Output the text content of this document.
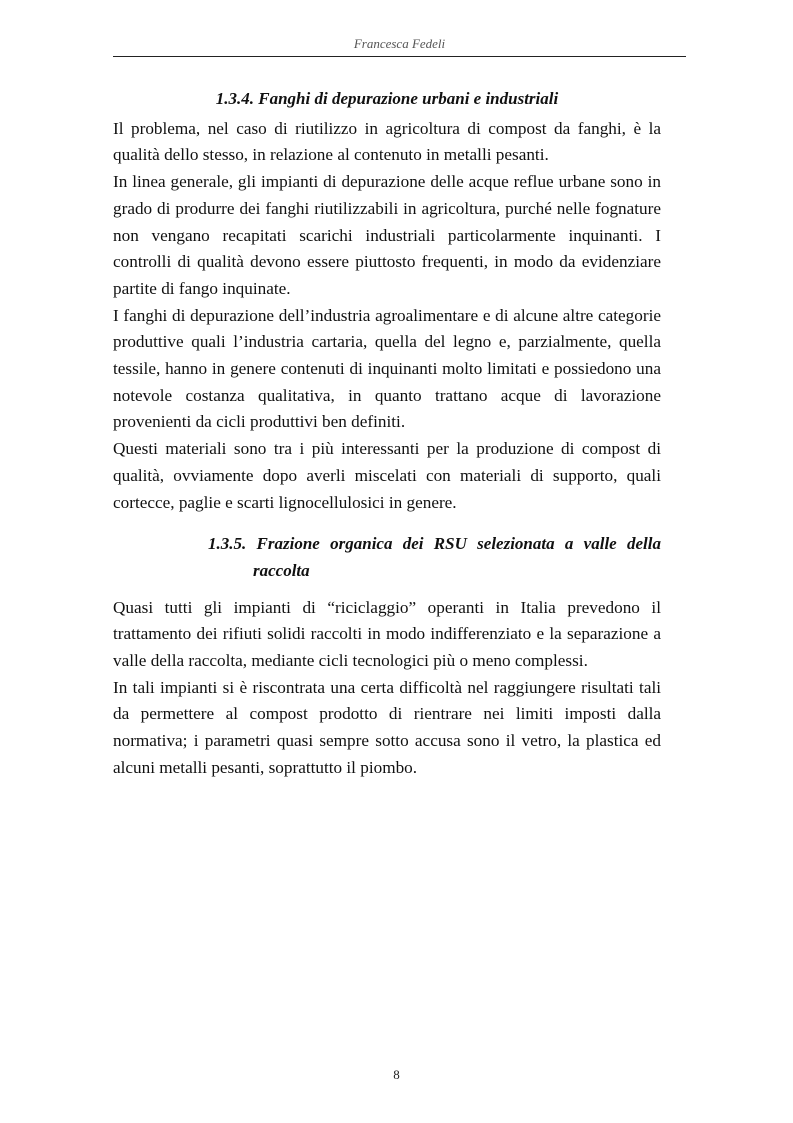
Francesca Fedeli
1.3.4. Fanghi di depurazione urbani e industriali

Il problema, nel caso di riutilizzo in agricoltura di compost da fanghi, è la qualità dello stesso, in relazione al contenuto in metalli pesanti.

In linea generale, gli impianti di depurazione delle acque reflue urbane sono in grado di produrre dei fanghi riutilizzabili in agricoltura, purché nelle fognature non vengano recapitati scarichi industriali particolarmente inquinanti. I controlli di qualità devono essere piuttosto frequenti, in modo da evidenziare partite di fango inquinate.

I fanghi di depurazione dell’industria agroalimentare e di alcune altre categorie produttive quali l’industria cartaria, quella del legno e, parzialmente, quella tessile, hanno in genere contenuti di inquinanti molto limitati e possiedono una notevole costanza qualitativa, in quanto trattano acque di lavorazione provenienti da cicli produttivi ben definiti.

Questi materiali sono tra i più interessanti per la produzione di compost di qualità, ovviamente dopo averli miscelati con materiali di supporto, quali cortecce, paglie e scarti lignocellulosici in genere.

1.3.5. Frazione organica dei RSU selezionata a valle della raccolta

Quasi tutti gli impianti di “riciclaggio” operanti in Italia prevedono il trattamento dei rifiuti solidi raccolti in modo indifferenziato e la separazione a valle della raccolta, mediante cicli tecnologici più o meno complessi.

In tali impianti si è riscontrata una certa difficoltà nel raggiungere risultati tali da permettere al compost prodotto di rientrare nei limiti imposti dalla normativa; i parametri quasi sempre sotto accusa sono il vetro, la plastica ed alcuni metalli pesanti, soprattutto il piombo.

8
